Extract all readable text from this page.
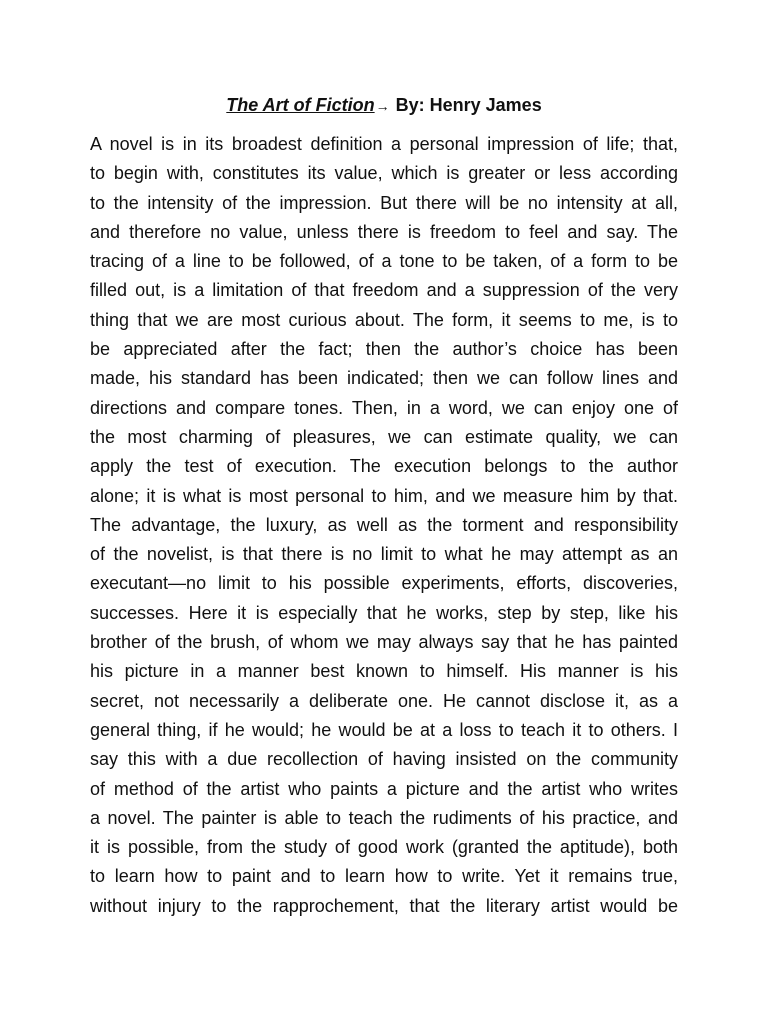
The Art of Fiction→ By: Henry James
A novel is in its broadest definition a personal impression of life; that,
to begin with, constitutes its value, which is greater or less according
to the intensity of the impression. But there will be no intensity at all,
and therefore no value, unless there is freedom to feel and say. The
tracing of a line to be followed, of a tone to be taken, of a form to be
filled out, is a limitation of that freedom and a suppression of the very
thing that we are most curious about. The form, it seems to me, is to
be appreciated after the fact; then the author’s choice has been
made, his standard has been indicated; then we can follow lines and
directions and compare tones. Then, in a word, we can enjoy one of
the most charming of pleasures, we can estimate quality, we can
apply the test of execution. The execution belongs to the author
alone; it is what is most personal to him, and we measure him by that.
The advantage, the luxury, as well as the torment and responsibility
of the novelist, is that there is no limit to what he may attempt as an
executant—no limit to his possible experiments, efforts, discoveries,
successes. Here it is especially that he works, step by step, like his
brother of the brush, of whom we may always say that he has painted
his picture in a manner best known to himself. His manner is his
secret, not necessarily a deliberate one. He cannot disclose it, as a
general thing, if he would; he would be at a loss to teach it to others. I
say this with a due recollection of having insisted on the community
of method of the artist who paints a picture and the artist who writes
a novel. The painter is able to teach the rudiments of his practice, and
it is possible, from the study of good work (granted the aptitude), both
to learn how to paint and to learn how to write. Yet it remains true,
without injury to the rapprochement, that the literary artist would be
